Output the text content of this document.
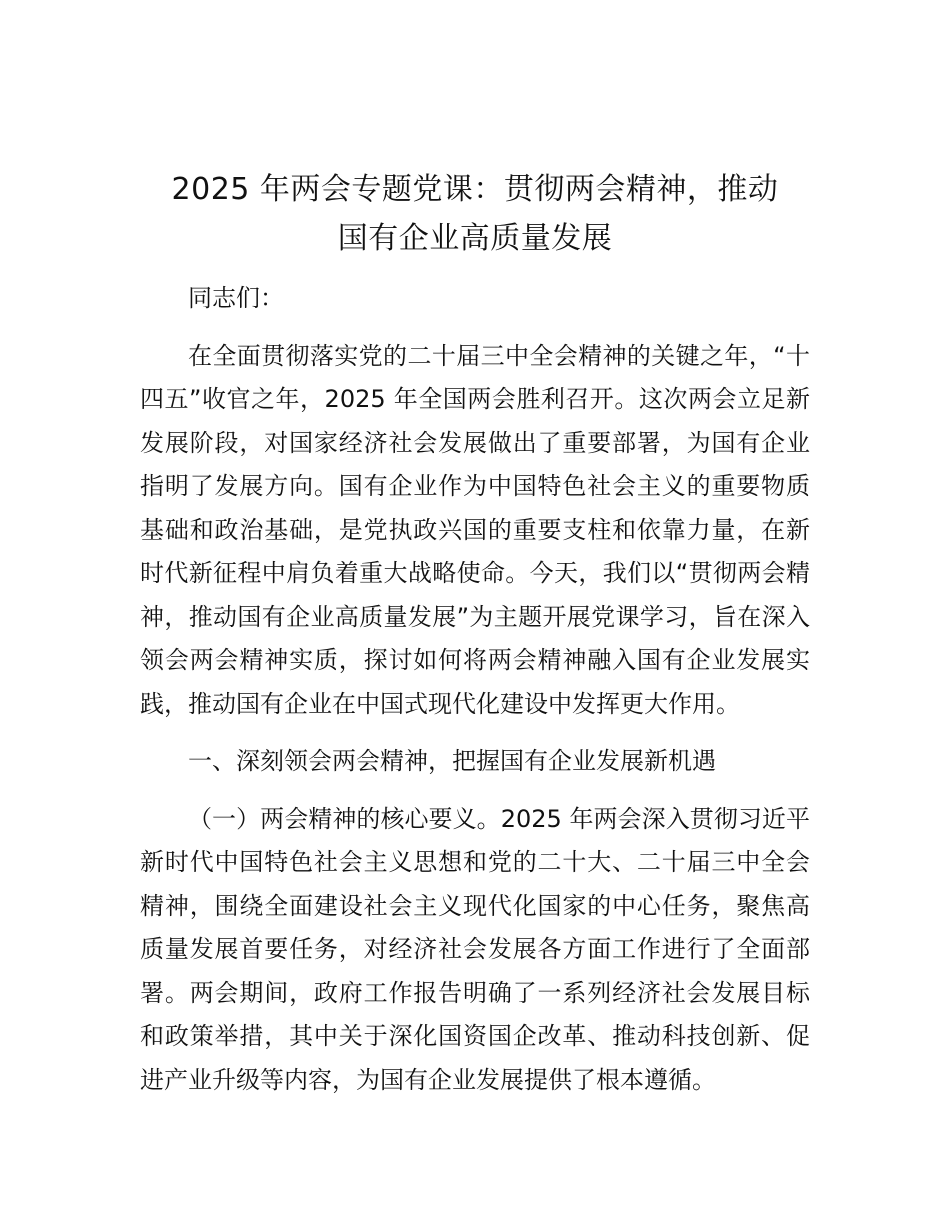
2025 年两会专题党课：贯彻两会精神，推动
国有企业高质量发展

同志们：

在全面贯彻落实党的二十届三中全会精神的关键之年，“十四五”收官之年，2025 年全国两会胜利召开。这次两会立足新发展阶段，对国家经济社会发展做出了重要部署，为国有企业指明了发展方向。国有企业作为中国特色社会主义的重要物质基础和政治基础，是党执政兴国的重要支柱和依靠力量，在新时代新征程中肩负着重大战略使命。今天，我们以“贯彻两会精神，推动国有企业高质量发展”为主题开展党课学习，旨在深入领会两会精神实质，探讨如何将两会精神融入国有企业发展实践，推动国有企业在中国式现代化建设中发挥更大作用。

一、深刻领会两会精神，把握国有企业发展新机遇

（一）两会精神的核心要义。2025 年两会深入贯彻习近平新时代中国特色社会主义思想和党的二十大、二十届三中全会精神，围绕全面建设社会主义现代化国家的中心任务，聚焦高质量发展首要任务，对经济社会发展各方面工作进行了全面部署。两会期间，政府工作报告明确了一系列经济社会发展目标和政策举措，其中关于深化国资国企改革、推动科技创新、促进产业升级等内容，为国有企业发展提供了根本遵循。
